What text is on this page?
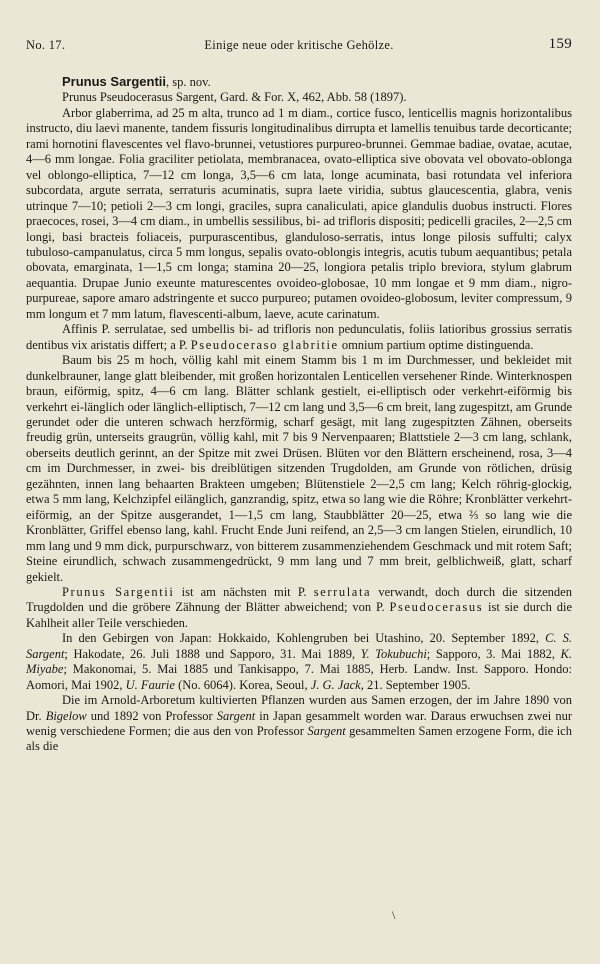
No. 17.	Einige neue oder kritische Gehölze.	159

Prunus Sargentii, sp. nov.

Prunus Pseudocerasus Sargent, Gard. & For. X, 462, Abb. 58 (1897).

Arbor glaberrima, ad 25 m alta, trunco ad 1 m diam., cortice fusco, lenticellis magnis horizontalibus instructo, diu laevi manente, tandem fissuris longitudinalibus dirrupta et lamellis tenuibus tarde decorticante; rami hornotini flavescentes vel flavo-brunnei, vetustiores purpureo-brunnei. Gemmae badiae, ovatae, acutae, 4—6 mm longae. Folia graciliter petiolata, membranacea, ovato-elliptica sive obovata vel obovato-oblonga vel oblongo-elliptica, 7—12 cm longa, 3,5—6 cm lata, longe acuminata, basi rotundata vel inferiora subcordata, argute serrata, serraturis acuminatis, supra laete viridia, subtus glaucescentia, glabra, venis utrinque 7—10; petioli 2—3 cm longi, graciles, supra canaliculati, apice glandulis duobus instructi. Flores praecoces, rosei, 3—4 cm diam., in umbellis sessilibus, bi- ad trifloris dispositi; pedicelli graciles, 2—2,5 cm longi, basi bracteis foliaceis, purpurascentibus, glanduloso-serratis, intus longe pilosis suffulti; calyx tubuloso-campanulatus, circa 5 mm longus, sepalis ovato-oblongis integris, acutis tubum aequantibus; petala obovata, emarginata, 1—1,5 cm longa; stamina 20—25, longiora petalis triplo breviora, stylum glabrum aequantia. Drupae Junio exeunte maturescentes ovoideo-globosae, 10 mm longae et 9 mm diam., nigro-purpureae, sapore amaro adstringente et succo purpureo; putamen ovoideo-globosum, leviter compressum, 9 mm longum et 7 mm latum, flavescenti-album, laeve, acute carinatum.

Affinis P. serrulatae, sed umbellis bi- ad trifloris non pedunculatis, foliis latioribus grossius serratis dentibus vix aristatis differt; a P. Pseudoceraso glabritie omnium partium optime distinguenda.

Baum bis 25 m hoch, völlig kahl mit einem Stamm bis 1 m im Durchmesser, und bekleidet mit dunkelbrauner, lange glatt bleibender, mit großen horizontalen Lenticellen versehener Rinde. Winterknospen braun, eiförmig, spitz, 4—6 cm lang. Blätter schlank gestielt, ei-elliptisch oder verkehrt-eiförmig bis verkehrt ei-länglich oder länglich-elliptisch, 7—12 cm lang und 3,5—6 cm breit, lang zugespitzt, am Grunde gerundet oder die unteren schwach herzförmig, scharf gesägt, mit lang zugespitzten Zähnen, oberseits freudig grün, unterseits graugrün, völlig kahl, mit 7 bis 9 Nervenpaaren; Blattstiele 2—3 cm lang, schlank, oberseits deutlich gerinnt, an der Spitze mit zwei Drüsen. Blüten vor den Blättern erscheinend, rosa, 3—4 cm im Durchmesser, in zwei- bis dreiblütigen sitzenden Trugdolden, am Grunde von rötlichen, drüsig gezähnten, innen lang behaarten Brakteen umgeben; Blütenstiele 2—2,5 cm lang; Kelch röhrig-glockig, etwa 5 mm lang, Kelchzipfel eilänglich, ganzrandig, spitz, etwa so lang wie die Röhre; Kronblätter verkehrt-eiförmig, an der Spitze ausgerandet, 1—1,5 cm lang, Staubblätter 20—25, etwa ⅔ so lang wie die Kronblätter, Griffel ebenso lang, kahl. Frucht Ende Juni reifend, an 2,5—3 cm langen Stielen, eirundlich, 10 mm lang und 9 mm dick, purpurschwarz, von bitterem zusammenziehendem Geschmack und mit rotem Saft; Steine eirundlich, schwach zusammengedrückt, 9 mm lang und 7 mm breit, gelblichweiß, glatt, scharf gekielt.

Prunus Sargentii ist am nächsten mit P. serrulata verwandt, doch durch die sitzenden Trugdolden und die gröbere Zähnung der Blätter abweichend; von P. Pseudocerasus ist sie durch die Kahlheit aller Teile verschieden.

In den Gebirgen von Japan: Hokkaido, Kohlengruben bei Utashino, 20. September 1892, C. S. Sargent; Hakodate, 26. Juli 1888 und Sapporo, 31. Mai 1889, Y. Tokubuchi; Sapporo, 3. Mai 1882, K. Miyabe; Makonomai, 5. Mai 1885 und Tankisappo, 7. Mai 1885, Herb. Landw. Inst. Sapporo. Hondo: Aomori, Mai 1902, U. Faurie (No. 6064). Korea, Seoul, J. G. Jack, 21. September 1905.

Die im Arnold-Arboretum kultivierten Pflanzen wurden aus Samen erzogen, der im Jahre 1890 von Dr. Bigelow und 1892 von Professor Sargent in Japan gesammelt worden war. Daraus erwuchsen zwei nur wenig verschiedene Formen; die aus den von Professor Sargent gesammelten Samen erzogene Form, die ich als die

\
